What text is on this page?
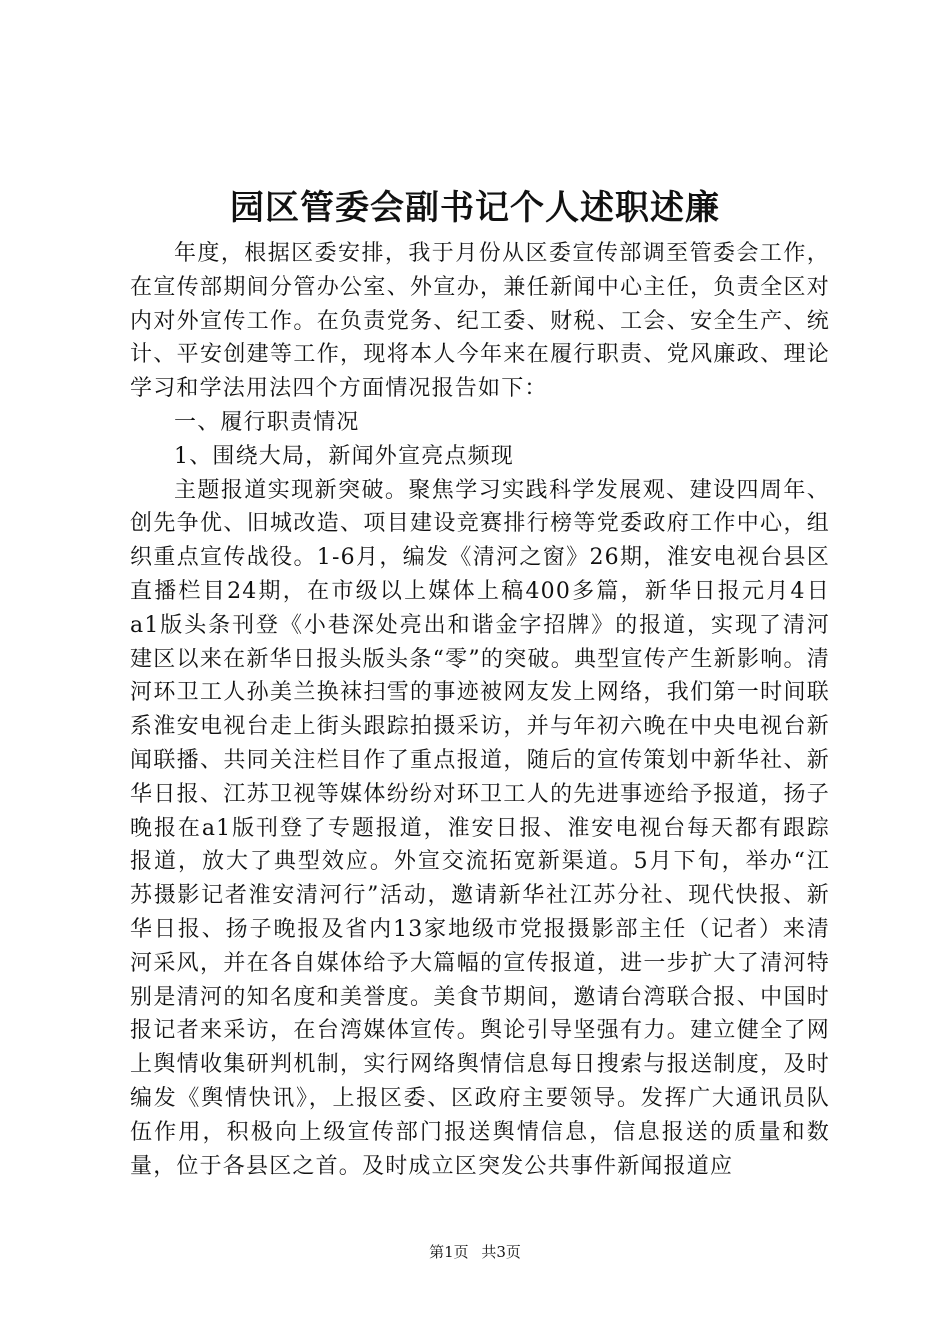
园区管委会副书记个人述职述廉

年度，根据区委安排，我于月份从区委宣传部调至管委会工作，在宣传部期间分管办公室、外宣办，兼任新闻中心主任，负责全区对内对外宣传工作。在负责党务、纪工委、财税、工会、安全生产、统计、平安创建等工作，现将本人今年来在履行职责、党风廉政、理论学习和学法用法四个方面情况报告如下：

一、履行职责情况

1、围绕大局，新闻外宣亮点频现

主题报道实现新突破。聚焦学习实践科学发展观、建设四周年、创先争优、旧城改造、项目建设竞赛排行榜等党委政府工作中心，组织重点宣传战役。1-6月，编发《清河之窗》26期，淮安电视台县区直播栏目24期，在市级以上媒体上稿400多篇，新华日报元月4日a1版头条刊登《小巷深处亮出和谐金字招牌》的报道，实现了清河建区以来在新华日报头版头条“零”的突破。典型宣传产生新影响。清河环卫工人孙美兰换袜扫雪的事迹被网友发上网络，我们第一时间联系淮安电视台走上街头跟踪拍摄采访，并与年初六晚在中央电视台新闻联播、共同关注栏目作了重点报道，随后的宣传策划中新华社、新华日报、江苏卫视等媒体纷纷对环卫工人的先进事迹给予报道，扬子晚报在a1版刊登了专题报道，淮安日报、淮安电视台每天都有跟踪报道，放大了典型效应。外宣交流拓宽新渠道。5月下旬，举办“江苏摄影记者淮安清河行”活动，邀请新华社江苏分社、现代快报、新华日报、扬子晚报及省内13家地级市党报摄影部主任（记者）来清河采风，并在各自媒体给予大篇幅的宣传报道，进一步扩大了清河特别是清河的知名度和美誉度。美食节期间，邀请台湾联合报、中国时报记者来采访，在台湾媒体宣传。舆论引导坚强有力。建立健全了网上舆情收集研判机制，实行网络舆情信息每日搜索与报送制度，及时编发《舆情快讯》，上报区委、区政府主要领导。发挥广大通讯员队伍作用，积极向上级宣传部门报送舆情信息，信息报送的质量和数量，位于各县区之首。及时成立区突发公共事件新闻报道应

第1页 共3页
